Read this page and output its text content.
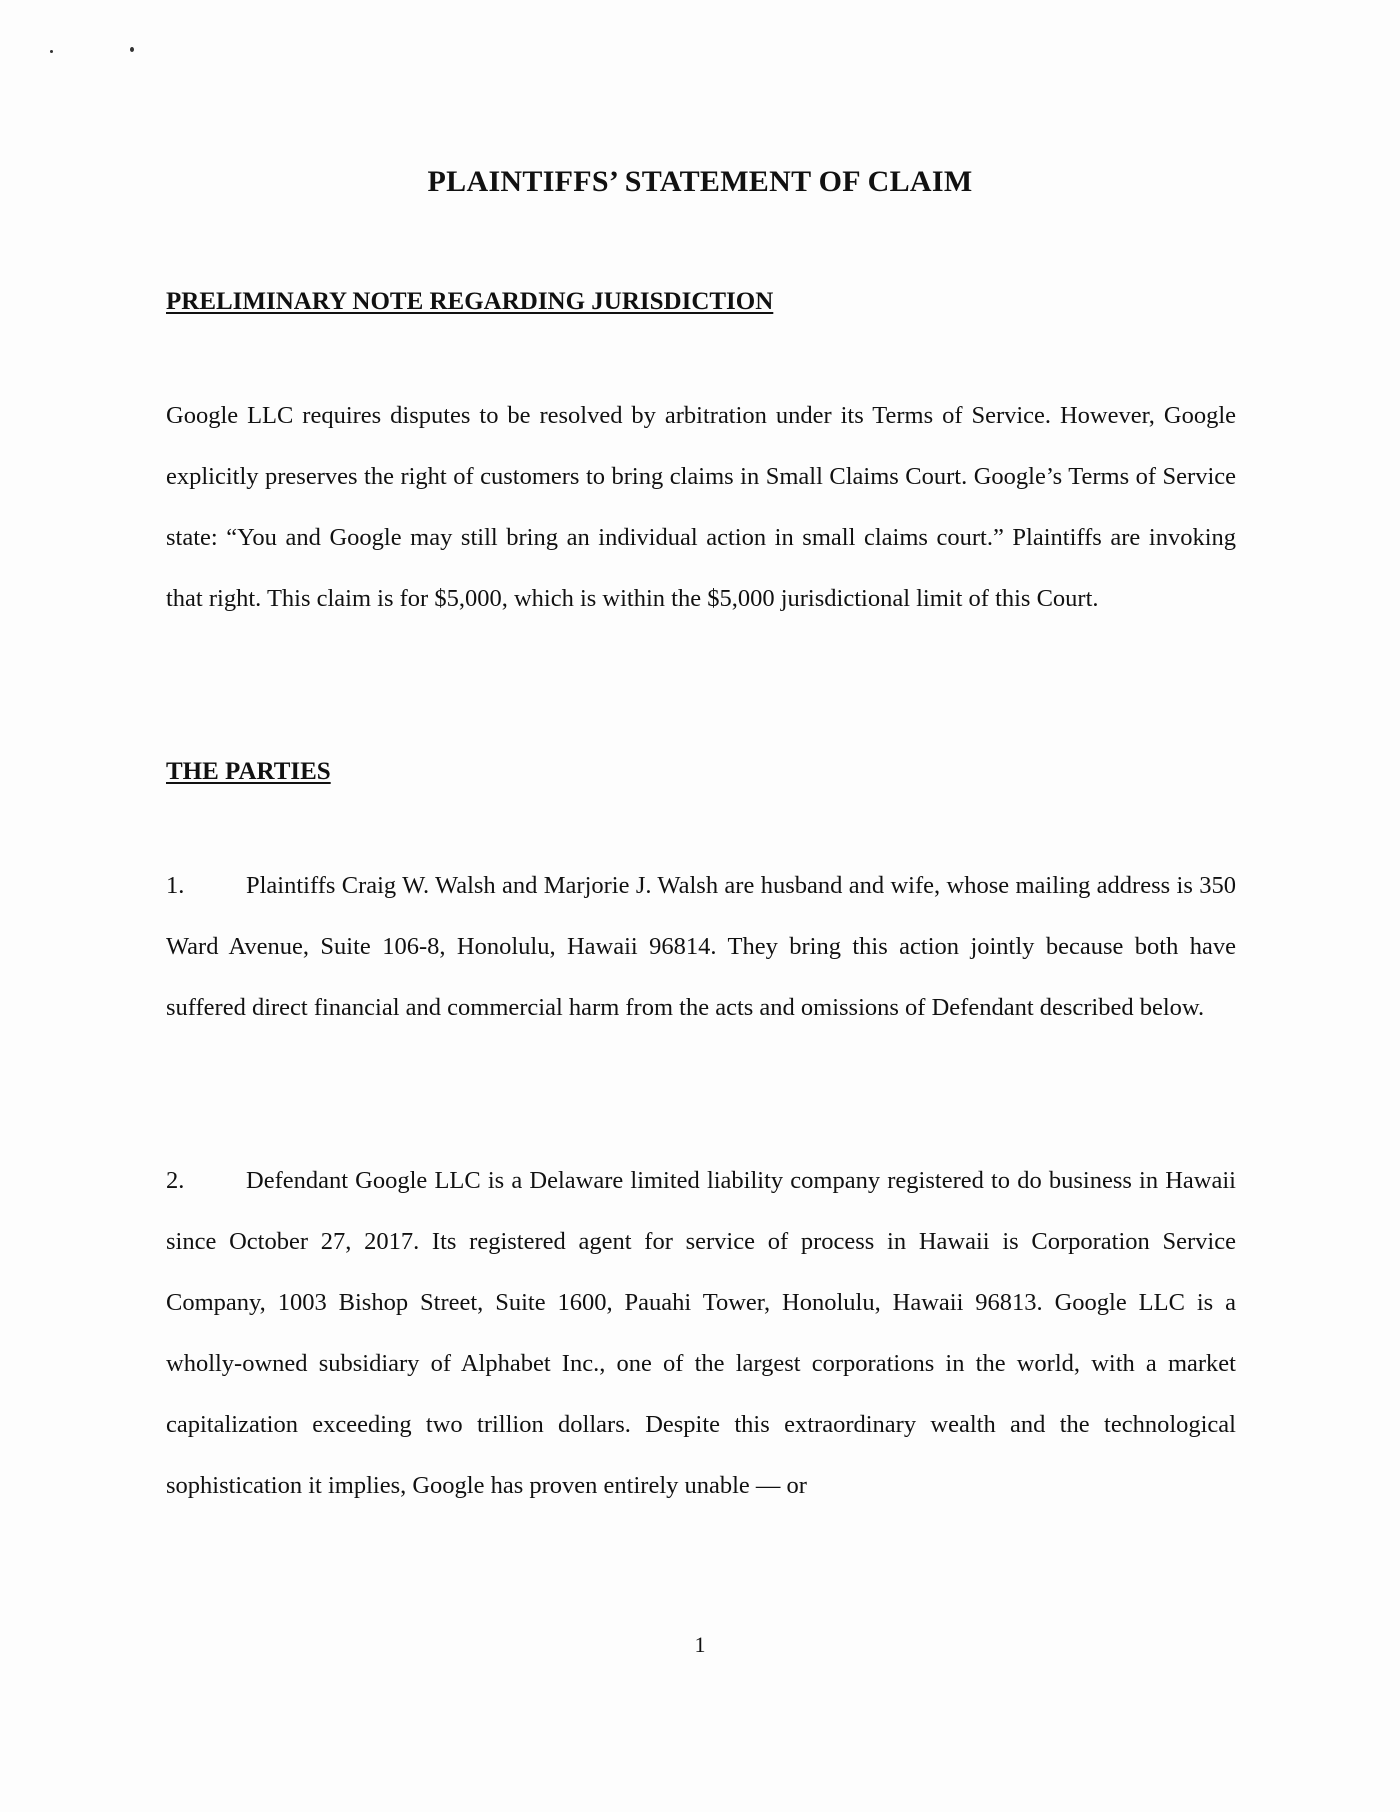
PLAINTIFFS’ STATEMENT OF CLAIM
PRELIMINARY NOTE REGARDING JURISDICTION

Google LLC requires disputes to be resolved by arbitration under its Terms of Service. However, Google explicitly preserves the right of customers to bring claims in Small Claims Court. Google’s Terms of Service state: “You and Google may still bring an individual action in small claims court.” Plaintiffs are invoking that right. This claim is for $5,000, which is within the $5,000 jurisdictional limit of this Court.

THE PARTIES

1.	Plaintiffs Craig W. Walsh and Marjorie J. Walsh are husband and wife, whose mailing address is 350 Ward Avenue, Suite 106-8, Honolulu, Hawaii 96814. They bring this action jointly because both have suffered direct financial and commercial harm from the acts and omissions of Defendant described below.

2.	Defendant Google LLC is a Delaware limited liability company registered to do business in Hawaii since October 27, 2017. Its registered agent for service of process in Hawaii is Corporation Service Company, 1003 Bishop Street, Suite 1600, Pauahi Tower, Honolulu, Hawaii 96813. Google LLC is a wholly-owned subsidiary of Alphabet Inc., one of the largest corporations in the world, with a market capitalization exceeding two trillion dollars. Despite this extraordinary wealth and the technological sophistication it implies, Google has proven entirely unable — or

1
